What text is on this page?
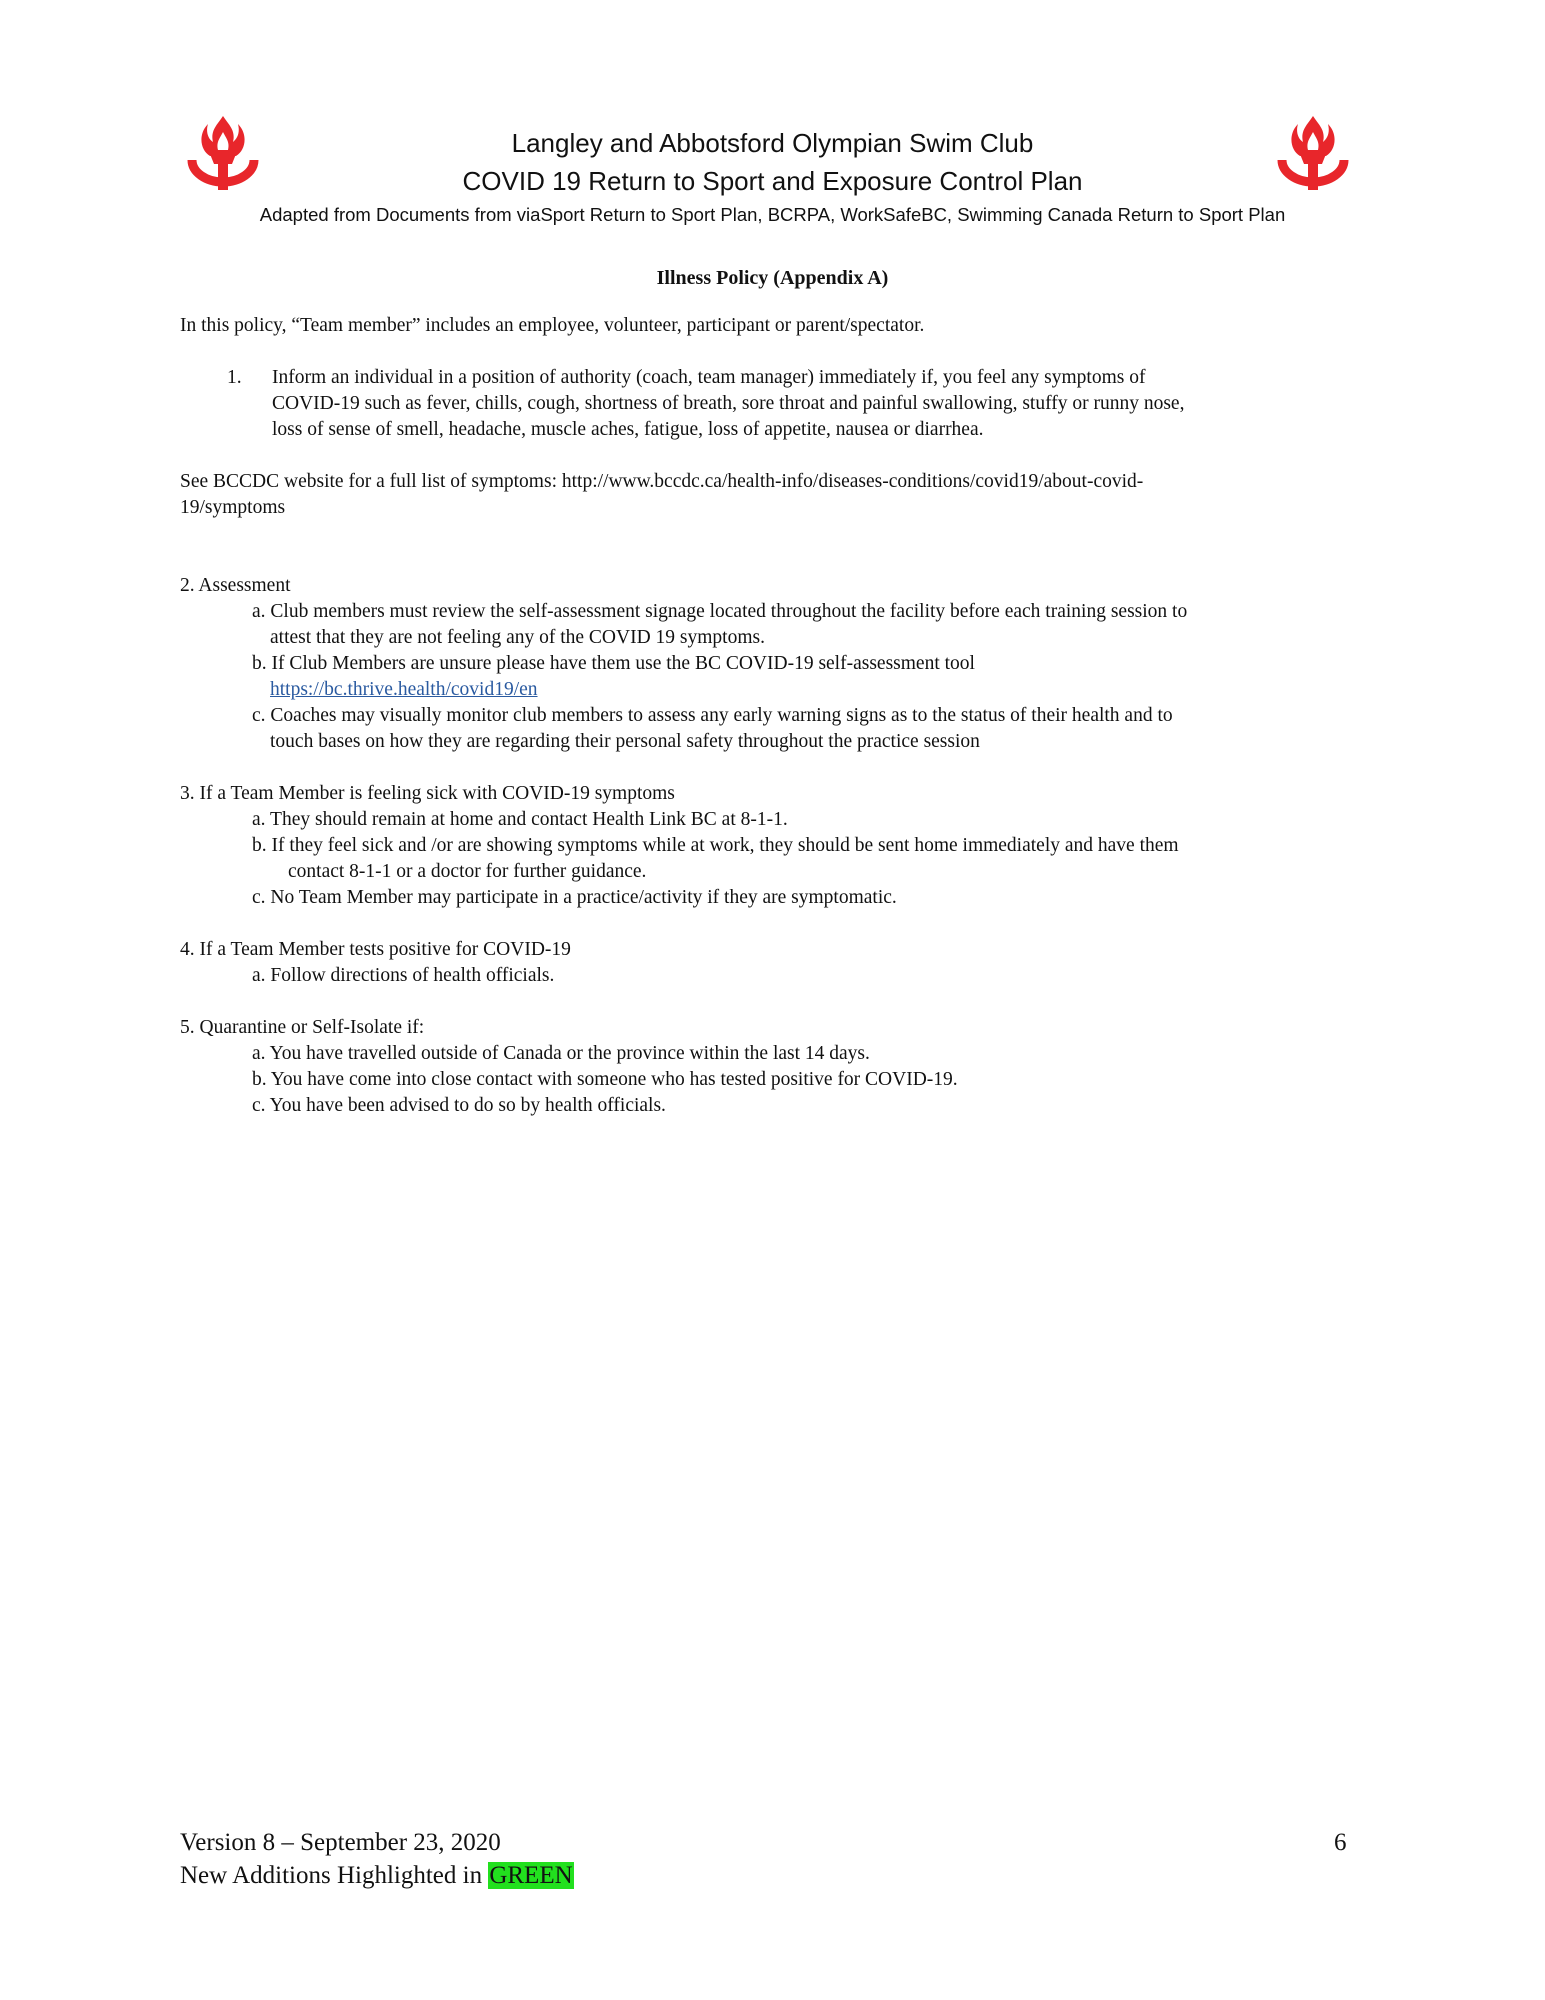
Langley and Abbotsford Olympian Swim Club
COVID 19 Return to Sport and Exposure Control Plan
Adapted from Documents from viaSport Return to Sport Plan, BCRPA, WorkSafeBC, Swimming Canada Return to Sport Plan
Illness Policy (Appendix A)
In this policy, “Team member” includes an employee, volunteer, participant or parent/spectator.
1. Inform an individual in a position of authority (coach, team manager) immediately if, you feel any symptoms of
COVID-19 such as fever, chills, cough, shortness of breath, sore throat and painful swallowing, stuffy or runny nose,
loss of sense of smell, headache, muscle aches, fatigue, loss of appetite, nausea or diarrhea.
See BCCDC website for a full list of symptoms: http://www.bccdc.ca/health-info/diseases-conditions/covid19/about-covid-
19/symptoms
2. Assessment
a. Club members must review the self-assessment signage located throughout the facility before each training session to
attest that they are not feeling any of the COVID 19 symptoms.
b. If Club Members are unsure please have them use the BC COVID-19 self-assessment tool
https://bc.thrive.health/covid19/en
c. Coaches may visually monitor club members to assess any early warning signs as to the status of their health and to
touch bases on how they are regarding their personal safety throughout the practice session
3. If a Team Member is feeling sick with COVID-19 symptoms
a. They should remain at home and contact Health Link BC at 8-1-1.
b. If they feel sick and /or are showing symptoms while at work, they should be sent home immediately and have them
contact 8-1-1 or a doctor for further guidance.
c. No Team Member may participate in a practice/activity if they are symptomatic.
4. If a Team Member tests positive for COVID-19
a. Follow directions of health officials.
5. Quarantine or Self-Isolate if:
a. You have travelled outside of Canada or the province within the last 14 days.
b. You have come into close contact with someone who has tested positive for COVID-19.
c. You have been advised to do so by health officials.
Version 8 – September 23, 2020
New Additions Highlighted in GREEN
6
